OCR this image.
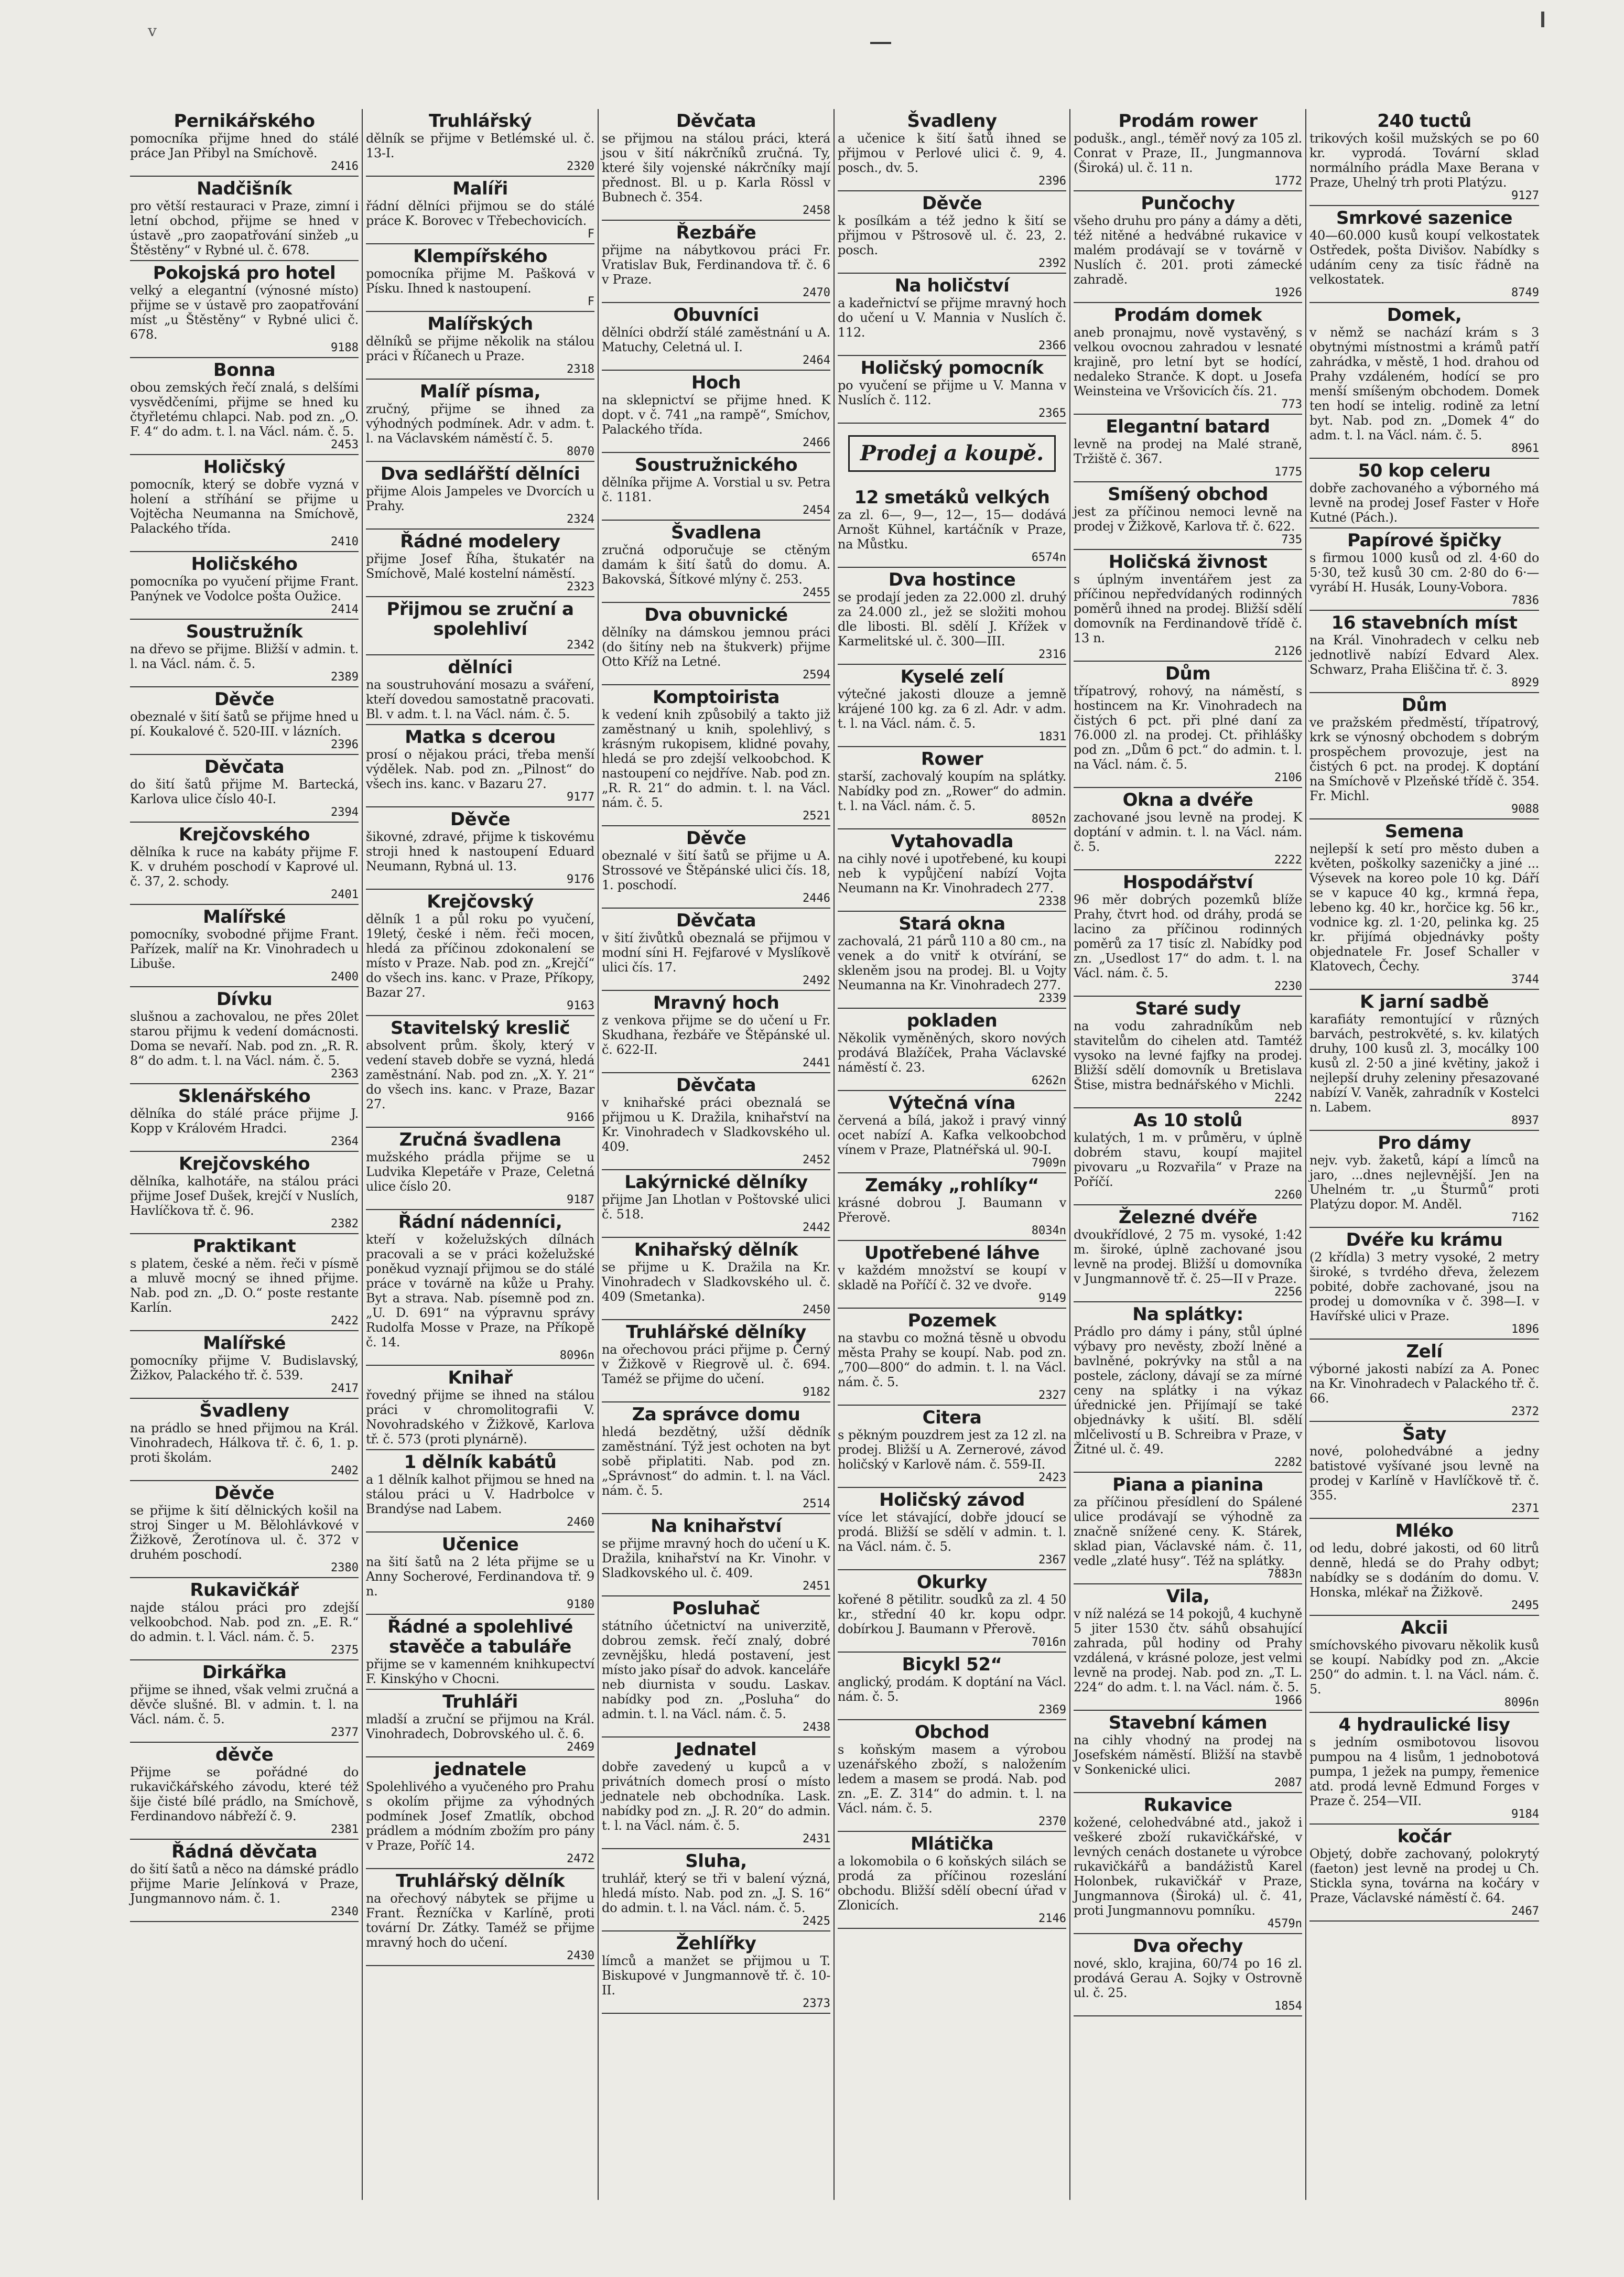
v
Pernikářského
pomocníka přijme hned do stálé práce Jan Přibyl na Smíchově.
2416
Nadčišník
pro větší restauraci v Praze, zimní i letní obchod, přijme se hned v ústavě „pro zaopatřování sinžeb „u Štěstěny“ v Rybné ul. č. 678.
Pokojská pro hotel
velký a elegantní (výnosné místo) přijme se v ústavě pro zaopatřování míst „u Štěstěny“ v Rybné ulici č. 678.
9188
Bonna
obou zemských řečí znalá, s delšími vysvědčeními, přijme se hned ku čtyřletému chlapci. Nab. pod zn. „O. F. 4“ do adm. t. l. na Václ. nám. č. 5.
2453
Holičský
pomocník, který se dobře vyzná v holení a stříhání se přijme u Vojtěcha Neumanna na Smíchově, Palackého třída.
2410
Holičského
pomocníka po vyučení přijme Frant. Panýnek ve Vodolce pošta Oužice.
2414
Soustružník
na dřevo se přijme. Bližší v admin. t. l. na Václ. nám. č. 5.
2389
Děvče
obeznalé v šití šatů se přijme hned u pí. Koukalové č. 520-III. v lázních.
2396
Děvčata
do šití šatů přijme M. Bartecká, Karlova ulice číslo 40-I.
2394
Krejčovského
dělníka k ruce na kabáty přijme F. K. v druhém poschodí v Kaprové ul. č. 37, 2. schody.
2401
Malířské
pomocníky, svobodné přijme Frant. Pařízek, malíř na Kr. Vinohradech u Libuše.
2400
Dívku
slušnou a zachovalou, ne přes 20let starou přijmu k vedení domácnosti. Doma se nevaří. Nab. pod zn. „R. R. 8“ do adm. t. l. na Václ. nám. č. 5.
2363
Sklenářského
dělníka do stálé práce přijme J. Kopp v Královém Hradci.
2364
Krejčovského
dělníka, kalhotáře, na stálou práci přijme Josef Dušek, krejčí v Nuslích, Havlíčkova tř. č. 96.
2382
Praktikant
s platem, české a něm. řeči v písmě a mluvě mocný se ihned přijme. Nab. pod zn. „D. O.“ poste restante Karlín.
2422
Malířské
pomocníky přijme V. Budislavský, Žižkov, Palackého tř. č. 539.
2417
Švadleny
na prádlo se hned přijmou na Král. Vinohradech, Hálkova tř. č. 6, 1. p. proti školám.
2402
Děvče
se přijme k šití dělnických košil na stroj Singer u M. Bělohlávkové v Žižkově, Žerotínova ul. č. 372 v druhém poschodí.
2380
Rukavičkář
najde stálou práci pro zdejší velkoobchod. Nab. pod zn. „E. R.“ do admin. t. l. Václ. nám. č. 5.
2375
Dirkářka
přijme se ihned, však velmi zručná a děvče slušné. Bl. v admin. t. l. na Václ. nám. č. 5.
2377
děvče
Přijme se pořádné do rukavičkářského závodu, které též šije čisté bílé prádlo, na Smíchově, Ferdinandovo nábřeží č. 9.
2381
Řádná děvčata
do šití šatů a něco na dámské prádlo přijme Marie Jelínková v Praze, Jungmannovo nám. č. 1.
2340
Truhlářský
dělník se přijme v Betlémské ul. č. 13-I.
2320
Malíři
řádní dělníci přijmou se do stálé práce K. Borovec v Třebechovicích.
F
Klempířského
pomocníka přijme M. Pašková v Písku. Ihned k nastoupení.
F
Malířských
dělníků se přijme několik na stálou práci v Říčanech u Praze.
2318
Malíř písma,
zručný, přijme se ihned za výhodných podmínek. Adr. v adm. t. l. na Václavském náměstí č. 5.
8070
Dva sedlářští dělníci
přijme Alois Jampeles ve Dvorcích u Prahy.
2324
Řádné modelery
přijme Josef Říha, štukatér na Smíchově, Malé kostelní náměstí.
2323
Přijmou se zruční a spolehliví
2342
dělníci
na soustruhování mosazu a sváření, kteří dovedou samostatně pracovati. Bl. v adm. t. l. na Václ. nám. č. 5.
Matka s dcerou
prosí o nějakou práci, třeba menší výdělek. Nab. pod zn. „Pilnost“ do všech ins. kanc. v Bazaru 27.
9177
Děvče
šikovné, zdravé, přijme k tiskovému stroji hned k nastoupení Eduard Neumann, Rybná ul. 13.
9176
Krejčovský
dělník 1 a půl roku po vyučení, 19letý, české i něm. řeči mocen, hledá za příčinou zdokonalení se místo v Praze. Nab. pod zn. „Krejčí“ do všech ins. kanc. v Praze, Příkopy, Bazar 27.
9163
Stavitelský kreslič
absolvent prům. školy, který v vedení staveb dobře se vyzná, hledá zaměstnání. Nab. pod zn. „X. Y. 21“ do všech ins. kanc. v Praze, Bazar 27.
9166
Zručná švadlena
mužského prádla přijme se u Ludvika Klepetáře v Praze, Celetná ulice číslo 20.
9187
Řádní nádenníci,
kteří v koželužských dílnách pracovali a se v práci koželužské poněkud vyznají přijmou se do stálé práce v továrně na kůže u Prahy. Byt a strava. Nab. písemně pod zn. „U. D. 691“ na výpravnu správy Rudolfa Mosse v Praze, na Příkopě č. 14.
8096n
Knihař
řovedný přijme se ihned na stálou práci v chromolitografii V. Novohradského v Žižkově, Karlova tř. č. 573 (proti plynárně).
1 dělník kabátů
a 1 dělník kalhot přijmou se hned na stálou práci u V. Hadrbolce v Brandýse nad Labem.
2460
Učenice
na šití šatů na 2 léta přijme se u Anny Socherové, Ferdinandova tř. 9 n.
9180
Řádné a spolehlivé stavěče a tabuláře
přijme se v kamenném knihkupectví F. Kinskýho v Chocni.
Truhláři
mladší a zruční se přijmou na Král. Vinohradech, Dobrovského ul. č. 6.
2469
jednatele
Spolehlivého a vyučeného pro Prahu s okolím přijme za výhodných podmínek Josef Zmatlík, obchod prádlem a módním zbožím pro pány v Praze, Poříč 14.
2472
Truhlářský dělník
na ořechový nábytek se přijme u Frant. Řezníčka v Karlíně, proti tovární Dr. Zátky. Taméž se přijme mravný hoch do učení.
2430
Děvčata
se přijmou na stálou práci, která jsou v šití nákrčníků zručná. Ty, které šily vojenské nákrčníky mají přednost. Bl. u p. Karla Rössl v Bubnech č. 354.
2458
Řezbáře
přijme na nábytkovou práci Fr. Vratislav Buk, Ferdinandova tř. č. 6 v Praze.
2470
Obuvníci
dělníci obdrží stálé zaměstnání u A. Matuchy, Celetná ul. I.
2464
Hoch
na sklepnictví se přijme hned. K dopt. v č. 741 „na rampě“, Smíchov, Palackého třída.
2466
Soustružnického
dělníka přijme A. Vorstial u sv. Petra č. 1181.
2454
Švadlena
zručná odporučuje se ctěným damám k šití šatů do domu. A. Bakovská, Šítkové mlýny č. 253.
2455
Dva obuvnické
dělníky na dámskou jemnou práci (do šitíny neb na štukverk) přijme Otto Kříž na Letné.
2594
Komptoirista
k vedení knih způsobilý a takto již zaměstnaný u knih, spolehlivý, s krásným rukopisem, klidné povahy, hledá se pro zdejší velkoobchod. K nastoupení co nejdříve. Nab. pod zn. „R. R. 21“ do admin. t. l. na Václ. nám. č. 5.
2521
Děvče
obeznalé v šití šatů se přijme u A. Strossové ve Štěpánské ulici čís. 18, 1. poschodí.
2446
Děvčata
v šití živůtků obeznalá se přijmou v modní síni H. Fejfarové v Myslíkově ulici čís. 17.
2492
Mravný hoch
z venkova přijme se do učení u Fr. Skudhana, řezbáře ve Štěpánské ul. č. 622-II.
2441
Děvčata
v knihařské práci obeznalá se přijmou u K. Dražila, knihařství na Kr. Vinohradech v Sladkovského ul. 409.
2452
Lakýrnické dělníky
přijme Jan Lhotlan v Poštovské ulici č. 518.
2442
Knihařský dělník
se přijme u K. Dražila na Kr. Vinohradech v Sladkovského ul. č. 409 (Smetanka).
2450
Truhlářské dělníky
na ořechovou práci přijme p. Černý v Žižkově v Riegrově ul. č. 694. Taméž se přijme do učení.
9182
Za správce domu
hledá bezdětný, užší dědník zaměstnání. Týž jest ochoten na byt sobě připlatiti. Nab. pod zn. „Správnost“ do admin. t. l. na Václ. nám. č. 5.
2514
Na knihařství
se přijme mravný hoch do učení u K. Dražila, knihařství na Kr. Vinohr. v Sladkovského ul. č. 409.
2451
Posluhač
státního účetnictví na univerzitě, dobrou zemsk. řečí znalý, dobré zevnějšku, hledá postavení, jest místo jako písař do advok. kanceláře neb diurnista v soudu. Laskav. nabídky pod zn. „Posluha“ do admin. t. l. na Václ. nám. č. 5.
2438
Jednatel
dobře zavedený u kupců a v privátních domech prosí o místo jednatele neb obchodníka. Lask. nabídky pod zn. „J. R. 20“ do admin. t. l. na Václ. nám. č. 5.
2431
Sluha,
truhlář, který se tři v balení význá, hledá místo. Nab. pod zn. „J. S. 16“ do admin. t. l. na Václ. nám. č. 5.
2425
Žehlířky
límců a manžet se přijmou u T. Biskupové v Jungmannově tř. č. 10-II.
2373
Švadleny
a učenice k šití šatů ihned se přijmou v Perlové ulici č. 9, 4. posch., dv. 5.
2396
Děvče
k posílkám a též jedno k šití se přijmou v Pštrosově ul. č. 23, 2. posch.
2392
Na holičství
a kadeřnictví se přijme mravný hoch do učení u V. Mannia v Nuslích č. 112.
2366
Holičský pomocník
po vyučení se přijme u V. Manna v Nuslích č. 112.
2365
Prodej a koupě.
12 smetáků velkých
za zl. 6—, 9—, 12—, 15— dodává Arnošt Kühnel, kartáčník v Praze, na Můstku.
6574n
Dva hostince
se prodají jeden za 22.000 zl. druhý za 24.000 zl., jež se složiti mohou dle libosti. Bl. sdělí J. Křížek v Karmelitské ul. č. 300—III.
2316
Kyselé zelí
výtečné jakosti dlouze a jemně krájené 100 kg. za 6 zl. Adr. v adm. t. l. na Václ. nám. č. 5.
1831
Rower
starší, zachovalý koupím na splátky. Nabídky pod zn. „Rower“ do admin. t. l. na Václ. nám. č. 5.
8052n
Vytahovadla
na cihly nové i upotřebené, ku koupi neb k vypůjčení nabízí Vojta Neumann na Kr. Vinohradech 277.
2338
Stará okna
zachovalá, 21 párů 110 a 80 cm., na venek a do vnitř k otvírání, se skleněm jsou na prodej. Bl. u Vojty Neumanna na Kr. Vinohradech 277.
2339
pokladen
Několik vyměněných, skoro nových prodává Blažíček, Praha Václavské náměstí č. 23.
6262n
Výtečná vína
červená a bílá, jakož i pravý vinný ocet nabízí A. Kafka velkoobchod vínem v Praze, Platnéřská ul. 90-I.
7909n
Zemáky „rohlíky“
krásné dobrou J. Baumann v Přerově.
8034n
Upotřebené láhve
v každém množství se koupí v skladě na Poříčí č. 32 ve dvoře.
9149
Pozemek
na stavbu co možná těsně u obvodu města Prahy se koupí. Nab. pod zn. „700—800“ do admin. t. l. na Václ. nám. č. 5.
2327
Citera
s pěkným pouzdrem jest za 12 zl. na prodej. Bližší u A. Zernerové, závod holičský v Karlově nám. č. 559-II.
2423
Holičský závod
více let stávající, dobře jdoucí se prodá. Bližší se sdělí v admin. t. l. na Václ. nám. č. 5.
2367
Okurky
kořené 8 pětilitr. soudků za zl. 4 50 kr., střední 40 kr. kopu odpr. dobírkou J. Baumann v Přerově.
7016n
Bicykl 52“
anglický, prodám. K doptání na Václ. nám. č. 5.
2369
Obchod
s koňským masem a výrobou uzenářského zboží, s naložením ledem a masem se prodá. Nab. pod zn. „E. Z. 314“ do admin. t. l. na Václ. nám. č. 5.
2370
Mlátička
a lokomobila o 6 koňských silách se prodá za příčinou rozeslání obchodu. Bližší sdělí obecní úřad v Zlonicích.
2146
Prodám rower
podušk., angl., téměř nový za 105 zl. Conrat v Praze, II., Jungmannova (Široká) ul. č. 11 n.
1772
Punčochy
všeho druhu pro pány a dámy a děti, též nitěné a hedvábné rukavice v malém prodávají se v továrně v Nuslích č. 201. proti zámecké zahradě.
1926
Prodám domek
aneb pronajmu, nově vystavěný, s velkou ovocnou zahradou v lesnaté krajině, pro letní byt se hodící, nedaleko Stranče. K dopt. u Josefa Weinsteina ve Vršovicích čís. 21.
773
Elegantní batard
levně na prodej na Malé straně, Tržiště č. 367.
1775
Smíšený obchod
jest za příčinou nemoci levně na prodej v Žižkově, Karlova tř. č. 622.
735
Holičská živnost
s úplným inventářem jest za příčinou nepředvídaných rodinných poměrů ihned na prodej. Bližší sdělí domovník na Ferdinandově třídě č. 13 n.
2126
Dům
třípatrový, rohový, na náměstí, s hostincem na Kr. Vinohradech na čistých 6 pct. při plné daní za 76.000 zl. na prodej. Ct. přihlášky pod zn. „Dům 6 pct.“ do admin. t. l. na Václ. nám. č. 5.
2106
Okna a dvéře
zachované jsou levně na prodej. K doptání v admin. t. l. na Václ. nám. č. 5.
2222
Hospodářství
96 měr dobrých pozemků blíže Prahy, čtvrt hod. od dráhy, prodá se lacino za příčinou rodinných poměrů za 17 tisíc zl. Nabídky pod zn. „Usedlost 17“ do adm. t. l. na Václ. nám. č. 5.
2230
Staré sudy
na vodu zahradníkům neb stavitelům do cihelen atd. Tamtéž vysoko na levné fajfky na prodej. Bližší sdělí domovník u Bretislava Štise, mistra bednářského v Michli.
2242
As 10 stolů
kulatých, 1 m. v průměru, v úplně dobrém stavu, koupí majitel pivovaru „u Rozvařila“ v Praze na Poříčí.
2260
Železné dvéře
dvoukřídlové, 2 75 m. vysoké, 1:42 m. široké, úplně zachované jsou levně na prodej. Bližší u domovníka v Jungmannově tř. č. 25—II v Praze.
2256
Na splátky:
Prádlo pro dámy i pány, stůl úplné výbavy pro nevěsty, zboží lněné a bavlněné, pokrývky na stůl a na postele, záclony, dávají se za mírné ceny na splátky i na výkaz úřednické jen. Přijímají se také objednávky k ušití. Bl. sdělí mlčelivostí u B. Schreibra v Praze, v Žitné ul. č. 49.
2282
Piana a pianina
za příčinou přesídlení do Spálené ulice prodávají se výhodně za značně snížené ceny. K. Stárek, sklad pian, Václavské nám. č. 11, vedle „zlaté husy“. Též na splátky.
7883n
Vila,
v níž nalézá se 14 pokojů, 4 kuchyně 5 jiter 1530 čtv. sáhů obsahující zahrada, půl hodiny od Prahy vzdálená, v krásné poloze, jest velmi levně na prodej. Nab. pod zn. „T. L. 224“ do adm. t. l. na Václ. nám. č. 5.
1966
Stavební kámen
na cihly vhodný na prodej na Josefském náměstí. Bližší na stavbě v Sonkenické ulici.
2087
Rukavice
kožené, celohedvábné atd., jakož i veškeré zboží rukavičkářské, v levných cenách dostanete u výrobce rukavičkářů a bandážistů Karel Holonbek, rukavičkář v Praze, Jungmannova (Široká) ul. č. 41, proti Jungmannovu pomníku.
4579n
Dva ořechy
nové, sklo, krajina, 60/74 po 16 zl. prodává Gerau A. Sojky v Ostrovně ul. č. 25.
1854
240 tuctů
trikových košil mužských se po 60 kr. vyprodá. Tovární sklad normálního prádla Maxe Berana v Praze, Uhelný trh proti Platýzu.
9127
Smrkové sazenice
40—60.000 kusů koupí velkostatek Ostředek, pošta Divišov. Nabídky s udáním ceny za tisíc řádně na velkostatek.
8749
Domek,
v němž se nachází krám s 3 obytnými místnostmi a krámů patří zahrádka, v městě, 1 hod. drahou od Prahy vzdáleném, hodící se pro menší smíšeným obchodem. Domek ten hodí se intelig. rodině za letní byt. Nab. pod zn. „Domek 4“ do adm. t. l. na Václ. nám. č. 5.
8961
50 kop celeru
dobře zachovaného a výborného má levně na prodej Josef Faster v Hoře Kutné (Pách.).
Papírové špičky
s firmou 1000 kusů od zl. 4·60 do 5·30, tež kusů 30 cm. 2·80 do 6·— vyrábí H. Husák, Louny-Vobora.
7836
16 stavebních míst
na Král. Vinohradech v celku neb jednotlivě nabízí Edvard Alex. Schwarz, Praha Eliščina tř. č. 3.
8929
Dům
ve pražském předměstí, třípatrový, krk se výnosný obchodem s dobrým prospěchem provozuje, jest na čistých 6 pct. na prodej. K doptání na Smíchově v Plzeňské třídě č. 354. Fr. Michl.
9088
Semena
nejlepší k setí pro město duben a květen, poškolky sazeničky a jiné ... Výsevek na koreo pole 10 kg. Dáří se v kapuce 40 kg., krmná řepa, lebeno kg. 40 kr., horčice kg. 56 kr., vodnice kg. zl. 1·20, pelinka kg. 25 kr. přijímá objednávky pošty objednatele Fr. Josef Schaller v Klatovech, Čechy.
3744
K jarní sadbě
karafiáty remontující v různých barvách, pestrokvěté, s. kv. kilatých druhy, 100 kusů zl. 3, mocálky 100 kusů zl. 2·50 a jiné květiny, jakož i nejlepší druhy zeleniny přesazované nabízí V. Vaněk, zahradník v Kostelci n. Labem.
8937
Pro dámy
nejv. vyb. žaketů, kápí a límců na jaro, ...dnes nejlevnější. Jen na Uhelném tr. „u Šturmů“ proti Platýzu dopor. M. Anděl.
7162
Dvéře ku krámu
(2 křídla) 3 metry vysoké, 2 metry široké, s tvrdého dřeva, železem pobité, dobře zachované, jsou na prodej u domovníka v č. 398—I. v Havířské ulici v Praze.
1896
Zelí
výborné jakosti nabízí za A. Ponec na Kr. Vinohradech v Palackého tř. č. 66.
2372
Šaty
nové, polohedvábné a jedny batistové vyšívané jsou levně na prodej v Karlíně v Havlíčkově tř. č. 355.
2371
Mléko
od ledu, dobré jakosti, od 60 litrů denně, hledá se do Prahy odbyt; nabídky se s dodáním do domu. V. Honska, mlékař na Žižkově.
2495
Akcii
smíchovského pivovaru několik kusů se koupí. Nabídky pod zn. „Akcie 250“ do admin. t. l. na Václ. nám. č. 5.
8096n
4 hydraulické lisy
s jedním osmibotovou lisovou pumpou na 4 lisům, 1 jednobotová pumpa, 1 ježek na pumpy, řemenice atd. prodá levně Edmund Forges v Praze č. 254—VII.
9184
kočár
Objetý, dobře zachovaný, polokrytý (faeton) jest levně na prodej u Ch. Stickla syna, továrna na kočáry v Praze, Václavské náměstí č. 64.
2467
